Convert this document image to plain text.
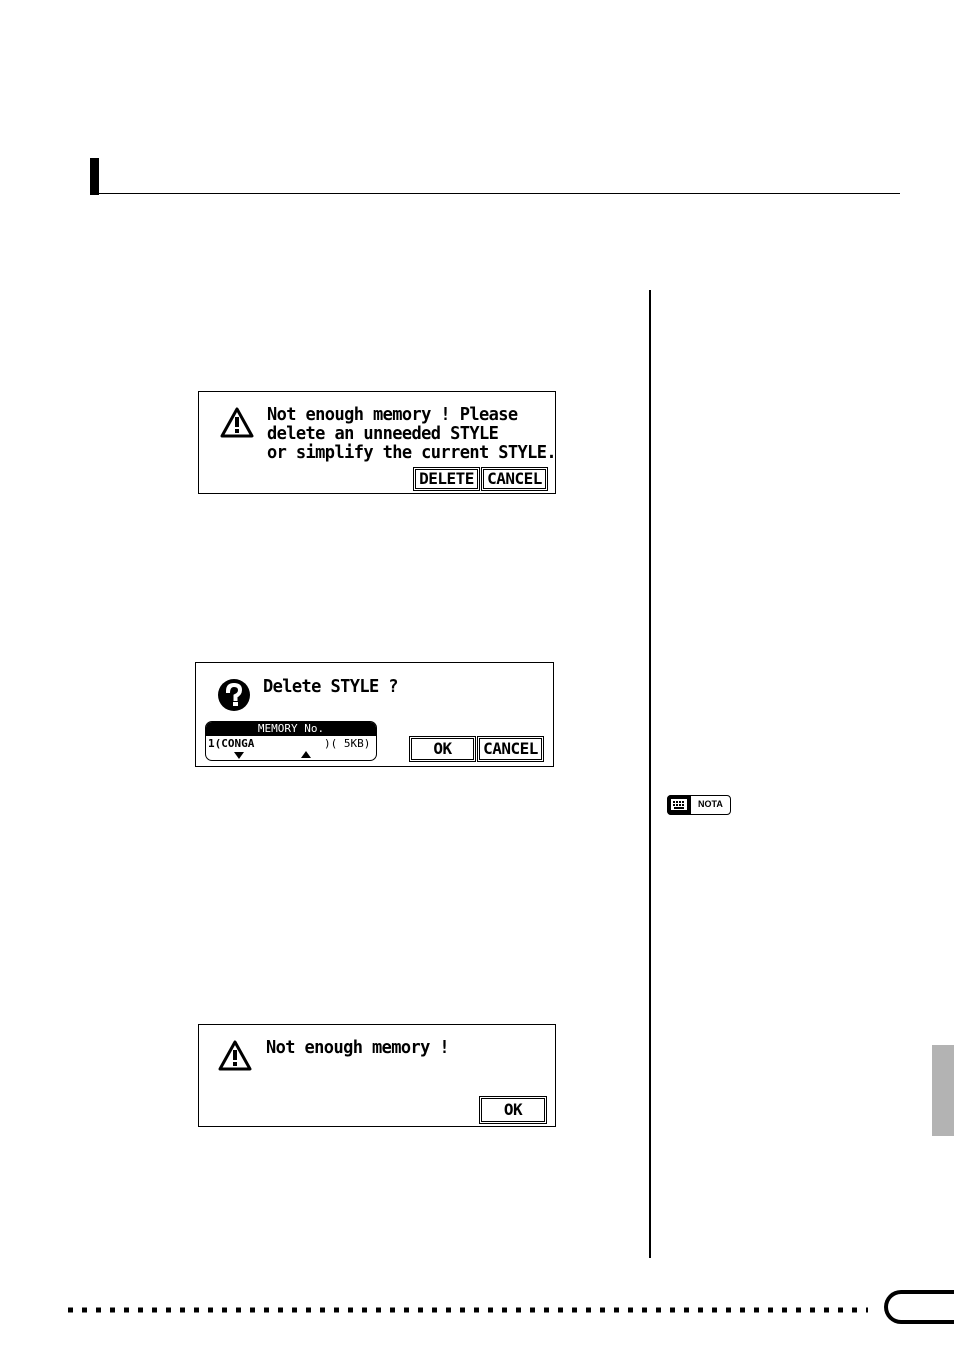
Not enough memory ! Please
delete an unneeded STYLE
or simplify the current STYLE.
DELETE CANCEL
Delete STYLE ?
OK	CANCEL
MEMORY No.
1(CONGA	)( 5KB)
Not enough memory !
OK
NOTA
